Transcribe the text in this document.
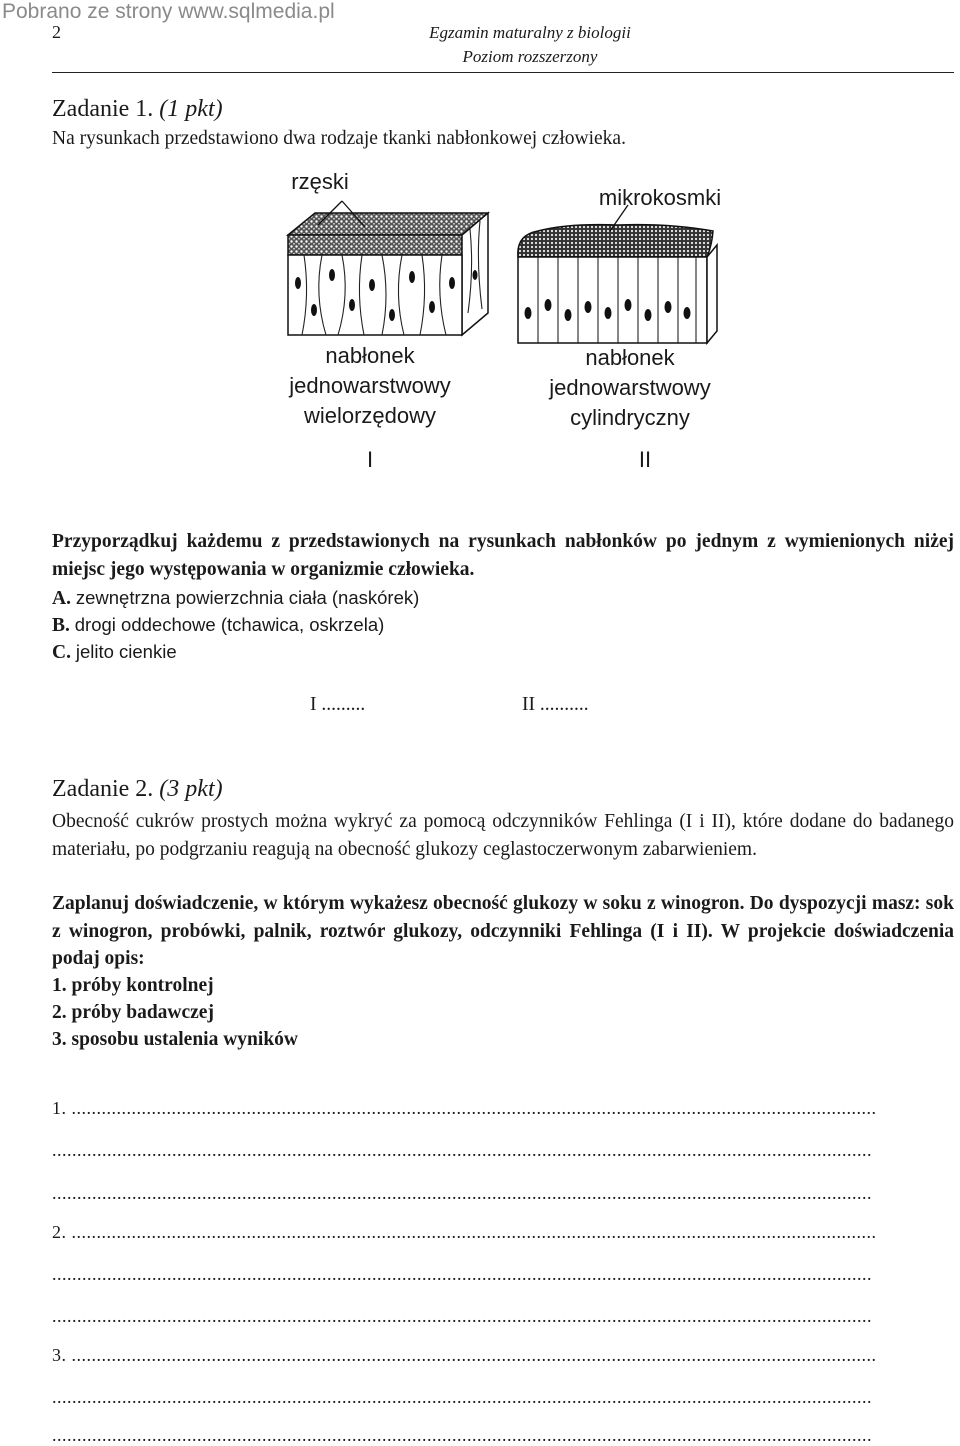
Pobrano ze strony www.sqlmedia.pl
2	Egzamin maturalny z biologii
Poziom rozszerzony
Zadanie 1. (1 pkt)
Na rysunkach przedstawiono dwa rodzaje tkanki nabłonkowej człowieka.
rzęski
mikrokosmki
nabłonek
jednowarstwowy
wielorzędowy
nabłonek
jednowarstwowy
cylindryczny
I	II
Przyporządkuj każdemu z przedstawionych na rysunkach nabłonków po jednym z wymienionych niżej miejsc jego występowania w organizmie człowieka.
A. zewnętrzna powierzchnia ciała (naskórek)
B. drogi oddechowe (tchawica, oskrzela)
C. jelito cienkie
I .........	II ..........
Zadanie 2. (3 pkt)
Obecność cukrów prostych można wykryć za pomocą odczynników Fehlinga (I i II), które dodane do badanego materiału, po podgrzaniu reagują na obecność glukozy ceglastoczerwonym zabarwieniem.
Zaplanuj doświadczenie, w którym wykażesz obecność glukozy w soku z winogron. Do dyspozycji masz: sok z winogron, probówki, palnik, roztwór glukozy, odczynniki Fehlinga (I i II). W projekcie doświadczenia podaj opis:
1. próby kontrolnej
2. próby badawczej
3. sposobu ustalenia wyników
1. .................................................................................................................................................................
....................................................................................................................................................................
....................................................................................................................................................................
2. .................................................................................................................................................................
....................................................................................................................................................................
....................................................................................................................................................................
3. .................................................................................................................................................................
....................................................................................................................................................................
....................................................................................................................................................................
